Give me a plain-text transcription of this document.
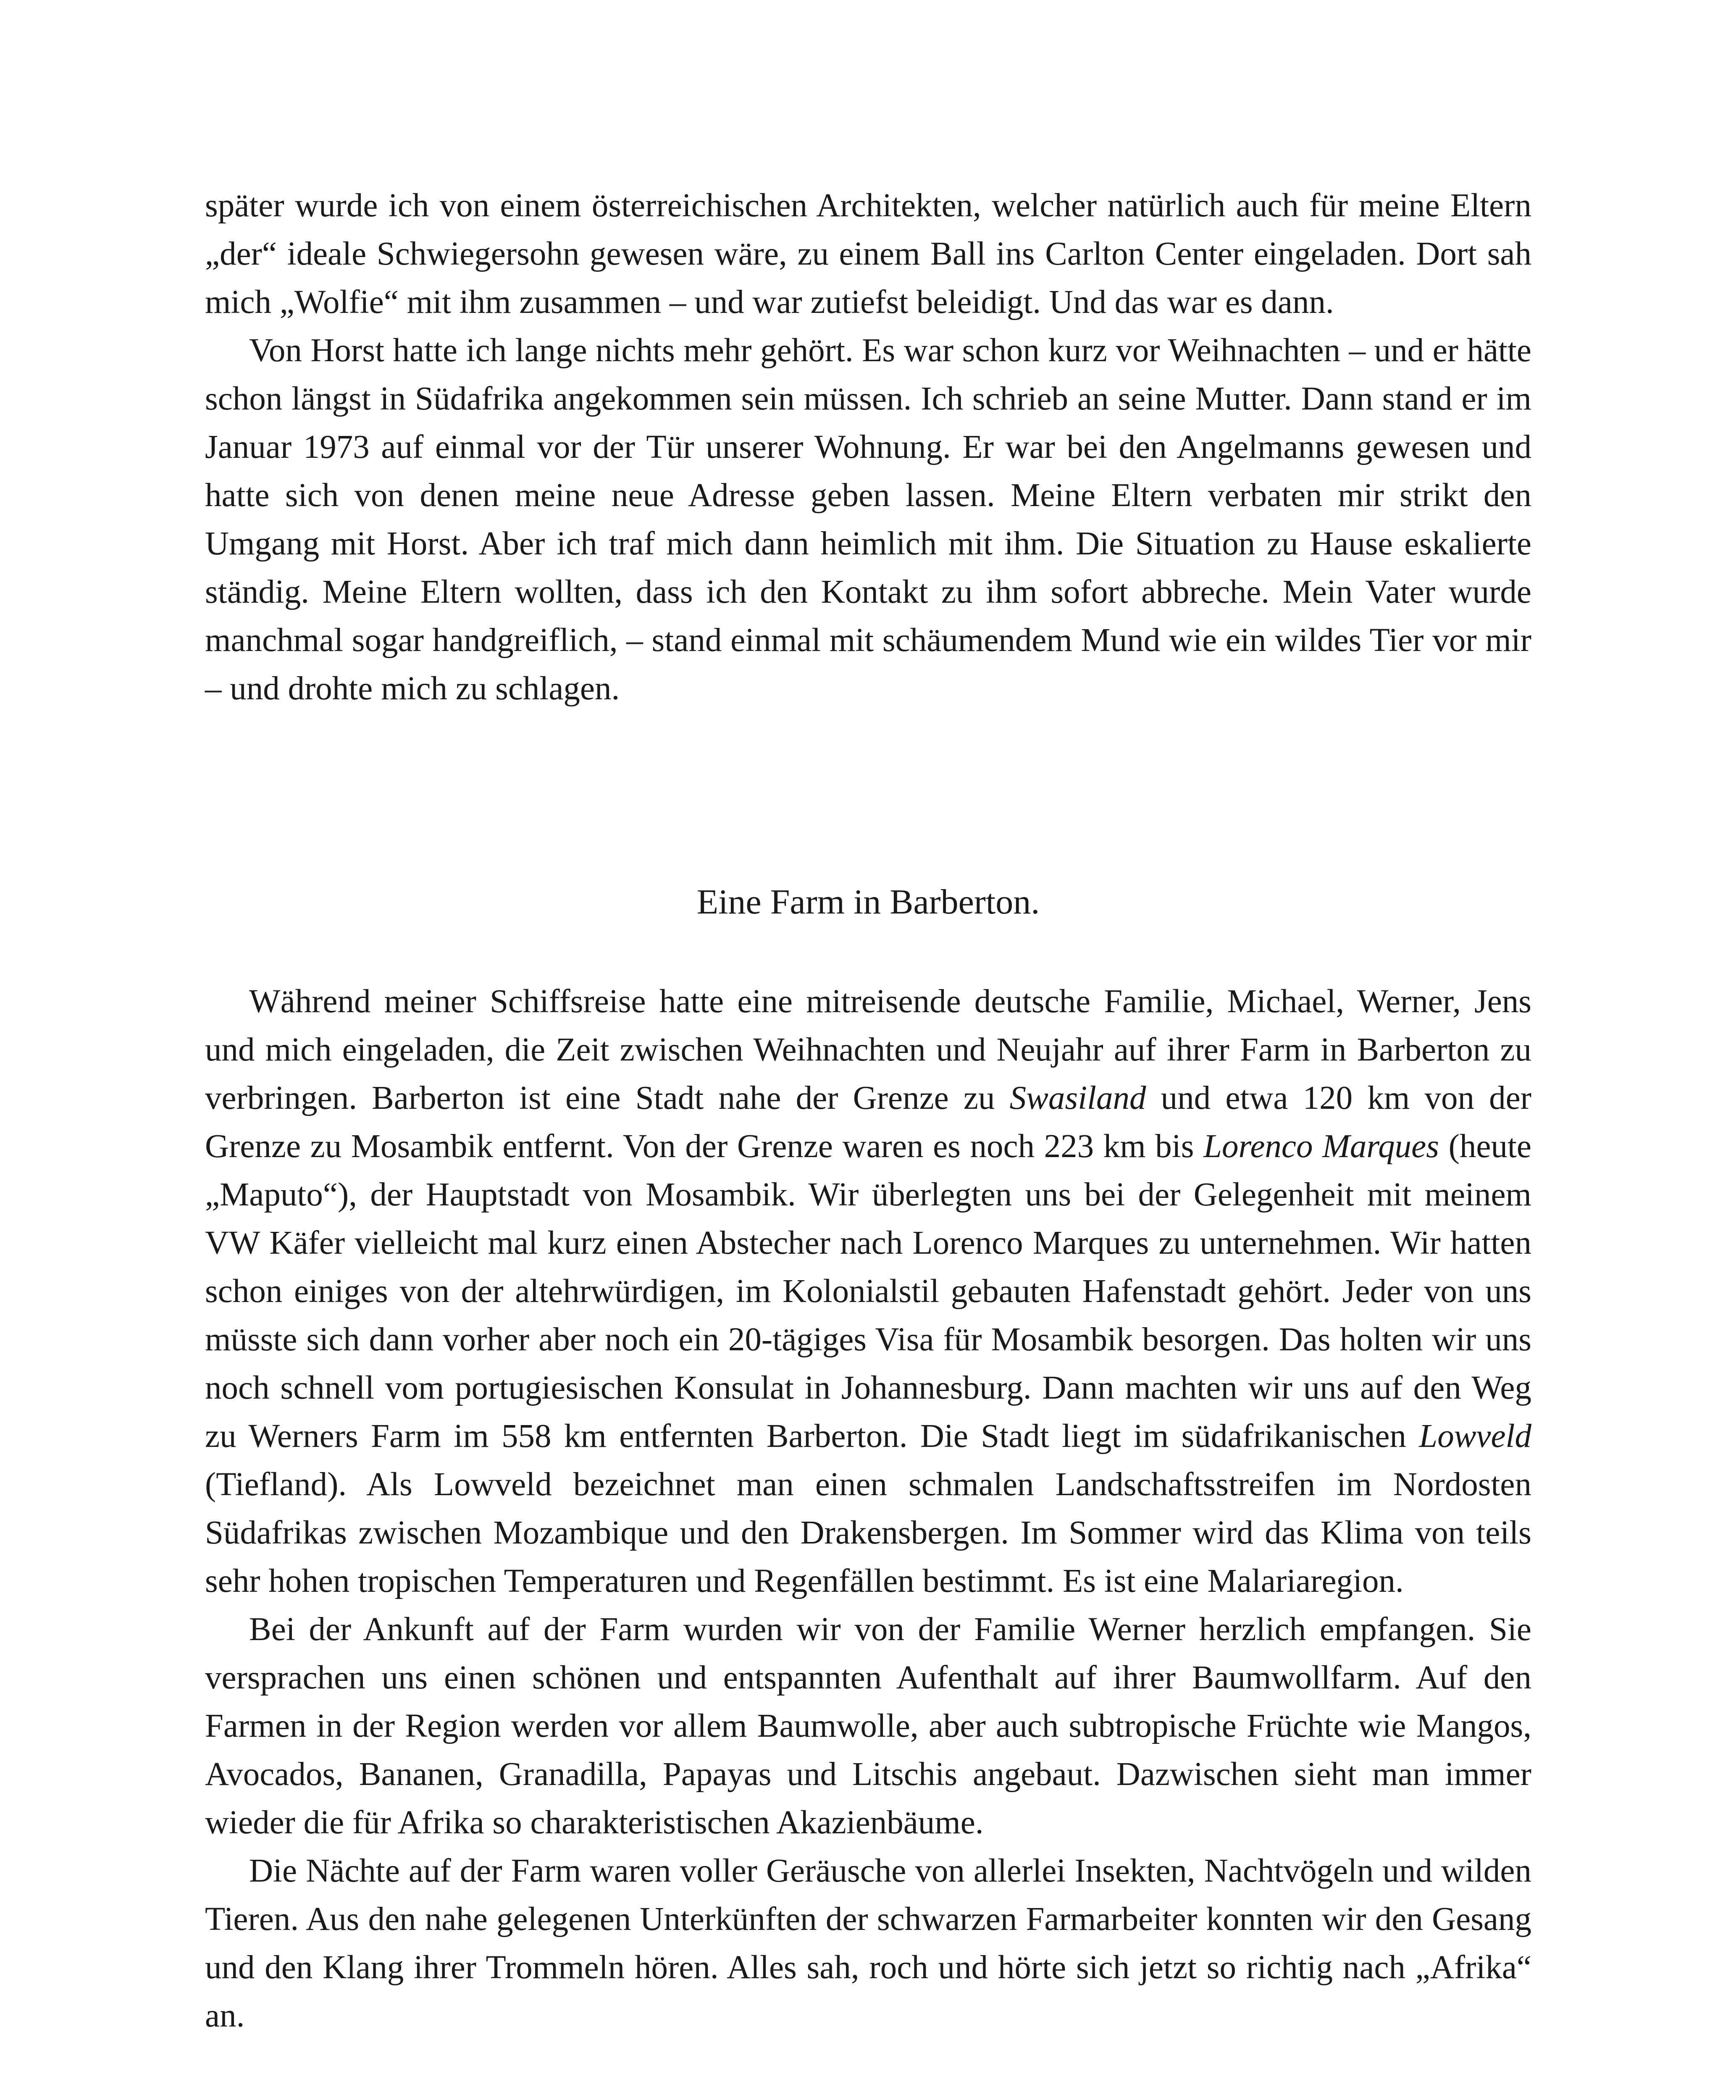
später wurde ich von einem österreichischen Architekten, welcher natürlich auch für meine Eltern „der“ ideale Schwiegersohn gewesen wäre, zu einem Ball ins Carlton Center eingeladen. Dort sah mich „Wolfie“ mit ihm zusammen – und war zutiefst beleidigt. Und das war es dann.

Von Horst hatte ich lange nichts mehr gehört. Es war schon kurz vor Weihnachten – und er hätte schon längst in Südafrika angekommen sein müssen. Ich schrieb an seine Mutter. Dann stand er im Januar 1973 auf einmal vor der Tür unserer Wohnung. Er war bei den Angelmanns gewesen und hatte sich von denen meine neue Adresse geben lassen. Meine Eltern verbaten mir strikt den Umgang mit Horst. Aber ich traf mich dann heimlich mit ihm. Die Situation zu Hause eskalierte ständig. Meine Eltern wollten, dass ich den Kontakt zu ihm sofort abbreche. Mein Vater wurde manchmal sogar handgreiflich, – stand einmal mit schäumendem Mund wie ein wildes Tier vor mir – und drohte mich zu schlagen.

Eine Farm in Barberton.

Während meiner Schiffsreise hatte eine mitreisende deutsche Familie, Michael, Werner, Jens und mich eingeladen, die Zeit zwischen Weihnachten und Neujahr auf ihrer Farm in Barberton zu verbringen. Barberton ist eine Stadt nahe der Grenze zu Swasiland und etwa 120 km von der Grenze zu Mosambik entfernt. Von der Grenze waren es noch 223 km bis Lorenco Marques (heute „Maputo“), der Hauptstadt von Mosambik. Wir überlegten uns bei der Gelegenheit mit meinem VW Käfer vielleicht mal kurz einen Abstecher nach Lorenco Marques zu unternehmen. Wir hatten schon einiges von der altehrwürdigen, im Kolonialstil gebauten Hafenstadt gehört. Jeder von uns müsste sich dann vorher aber noch ein 20-tägiges Visa für Mosambik besorgen. Das holten wir uns noch schnell vom portugiesischen Konsulat in Johannesburg. Dann machten wir uns auf den Weg zu Werners Farm im 558 km entfernten Barberton. Die Stadt liegt im südafrikanischen Lowveld (Tiefland). Als Lowveld bezeichnet man einen schmalen Landschaftsstreifen im Nordosten Südafrikas zwischen Mozambique und den Drakensbergen. Im Sommer wird das Klima von teils sehr hohen tropischen Temperaturen und Regenfällen bestimmt. Es ist eine Malariaregion.

Bei der Ankunft auf der Farm wurden wir von der Familie Werner herzlich empfangen. Sie versprachen uns einen schönen und entspannten Aufenthalt auf ihrer Baumwollfarm. Auf den Farmen in der Region werden vor allem Baumwolle, aber auch subtropische Früchte wie Mangos, Avocados, Bananen, Granadilla, Papayas und Litschis angebaut. Dazwischen sieht man immer wieder die für Afrika so charakteristischen Akazienbäume.

Die Nächte auf der Farm waren voller Geräusche von allerlei Insekten, Nachtvögeln und wilden Tieren. Aus den nahe gelegenen Unterkünften der schwarzen Farmarbeiter konnten wir den Gesang und den Klang ihrer Trommeln hören. Alles sah, roch und hörte sich jetzt so richtig nach „Afrika“ an.
